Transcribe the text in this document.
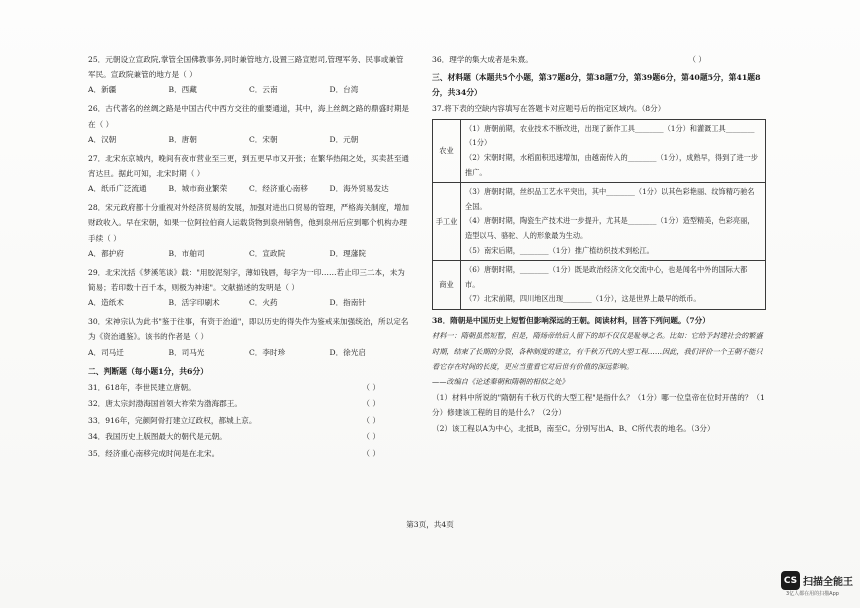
25．元朝设立宣政院,掌管全国佛教事务,同时兼管地方,设置三路宣慰司,管理军务、民事或兼管军民。宣政院兼管的地方是（ ）
A．新疆	B．西藏	C．云南	D．台湾
26．古代著名的丝绸之路是中国古代中西方交往的重要通道，其中，海上丝绸之路的鼎盛时期是在（ ）
A．汉朝	B．唐朝	C．宋朝	D．元朝
27．北宋东京城内，晚间有夜市营业至三更，到五更早市又开张；在繁华热闹之处，买卖甚至通宵达旦。据此可知，北宋时期（ ）
A．纸币广泛流通	B．城市商业繁荣	C．经济重心南移	D．海外贸易发达
28．宋元政府都十分重视对外经济贸易的发展，加强对进出口贸易的管理，严格海关制度，增加财政收入。早在宋朝，如果一位阿拉伯商人运载货物到泉州销售，他到泉州后应到哪个机构办理手续（ ）
A．都护府	B．市舶司	C．宣政院	D．理藩院
29．北宋沈括《梦溪笔谈》载："用胶泥刻字，薄如钱唇，每字为一印……若止印三二本，未为简易；若印数十百千本，则极为神速"。文献描述的发明是（ ）
A．造纸术	B．活字印刷术	C．火药	D．指南针
30．宋神宗认为此书"鉴于往事，有资于治道"，即以历史的得失作为鉴戒来加强统治，所以定名为《资治通鉴》。该书的作者是（ ）
A．司马迁	B．司马光	C．李时珍	D．徐光启
二、判断题（每小题1分，共6分）
31．618年，李世民建立唐朝。	（ ）
32．唐太宗封渤海国首领大祚荣为渤海郡王。	（ ）
33．916年，完颜阿骨打建立辽政权，都城上京。	（ ）
34．我国历史上版图最大的朝代是元朝。	（ ）
35．经济重心南移完成时间是在北宋。	（ ）
36．理学的集大成者是朱熹。	（ ）
三、材料题（本题共5个小题，第37题8分，第38题7分，第39题6分，第40题5分，第41题8分，共34分）
37.将下表的空缺内容填写在答题卡对应题号后的指定区域内。（8分）
农业	（1）唐朝前期，农业技术不断改进，出现了新作工具________（1分）和灌溉工具________（1分）
（2）宋朝时期，水稻面积迅速增加，由越南传入的________（1分），成熟早，得到了进一步推广。

手工业	（3）唐朝时期，丝织品工艺水平突出，其中________（1分）以其色彩艳丽、纹饰精巧驰名全国。
（4）唐朝时期，陶瓷生产技术进一步提升，尤其是________（1分）造型精美，色彩亮丽，造型以马、骆驼、人的形象最为生动。
（5）南宋后期，________（1分）推广植纺织技术到松江。

商业	（6）唐朝时期，________（1分）既是政治经济文化交流中心，也是闻名中外的国际大都市。
（7）北宋前期，四川地区出现________（1分），这是世界上最早的纸币。
38．隋朝是中国历史上短暂但影响深远的王朝。阅读材料，回答下列问题。（7分）
材料一：隋朝虽然短暂，但是，隋炀帝给后人留下的却不仅仅是耻辱之名。比如：它给予封建社会的繁盛时期，结束了长期的分裂，各种制度的建立，有千秋万代的大型工程……因此，我们评价一个王朝不能只看它存在时间的长度，更应当重看它对后世有价值的深远影响。
——改编自《论述秦朝和隋朝的相似之处》
（1）材料中所说的"隋朝有千秋万代的大型工程"是指什么？（1分）哪一位皇帝在位时开凿的？（1分）修建该工程的目的是什么？（2分）
（2）该工程以A为中心，北抵B，南至C。分别写出A、B、C所代表的地名。（3分）
第3页，共4页
CS 扫描全能王
3亿人都在用的扫描App
